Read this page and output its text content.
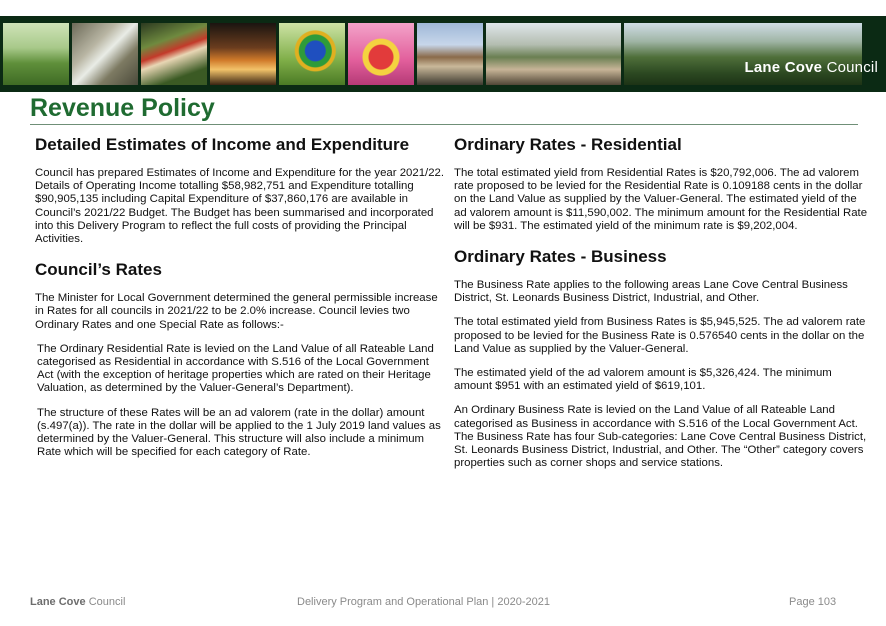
Lane Cove Council
Revenue Policy
Detailed Estimates of Income and Expenditure

Council has prepared Estimates of Income and Expenditure for the year 2021/22. Details of Operating Income totalling $58,982,751 and Expenditure totalling $90,905,135 including Capital Expenditure of $37,860,176 are available in Council’s 2021/22 Budget. The Budget has been summarised and incorporated into this Delivery Program to reflect the full costs of providing the Principal Activities.

Council’s Rates

The Minister for Local Government determined the general permissible increase in Rates for all councils in 2021/22 to be 2.0% increase. Council levies two Ordinary Rates and one Special Rate as follows:-

The Ordinary Residential Rate is levied on the Land Value of all Rateable Land categorised as Residential in accordance with S.516 of the Local Government Act (with the exception of heritage properties which are rated on their Heritage Valuation, as determined by the Valuer-General’s Department).

The structure of these Rates will be an ad valorem (rate in the dollar) amount (s.497(a)). The rate in the dollar will be applied to the 1 July 2019 land values as determined by the Valuer-General. This structure will also include a minimum Rate which will be specified for each category of Rate.

Ordinary Rates - Residential

The total estimated yield from Residential Rates is $20,792,006. The ad valorem rate proposed to be levied for the Residential Rate is 0.109188 cents in the dollar on the Land Value as supplied by the Valuer-General. The estimated yield of the ad valorem amount is $11,590,002. The minimum amount for the Residential Rate will be $931. The estimated yield of the minimum rate is $9,202,004.

Ordinary Rates - Business

The Business Rate applies to the following areas Lane Cove Central Business District, St. Leonards Business District, Industrial, and Other.

The total estimated yield from Business Rates is $5,945,525. The ad valorem rate proposed to be levied for the Business Rate is 0.576540 cents in the dollar on the Land Value as supplied by the Valuer-General.

The estimated yield of the ad valorem amount is $5,326,424. The minimum amount $951 with an estimated yield of $619,101.

An Ordinary Business Rate is levied on the Land Value of all Rateable Land categorised as Business in accordance with S.516 of the Local Government Act. The Business Rate has four Sub-categories: Lane Cove Central Business District, St. Leonards Business District, Industrial, and Other. The “Other” category covers properties such as corner shops and service stations.

Lane Cove Council	Delivery Program and Operational Plan | 2020-2021	Page 103
